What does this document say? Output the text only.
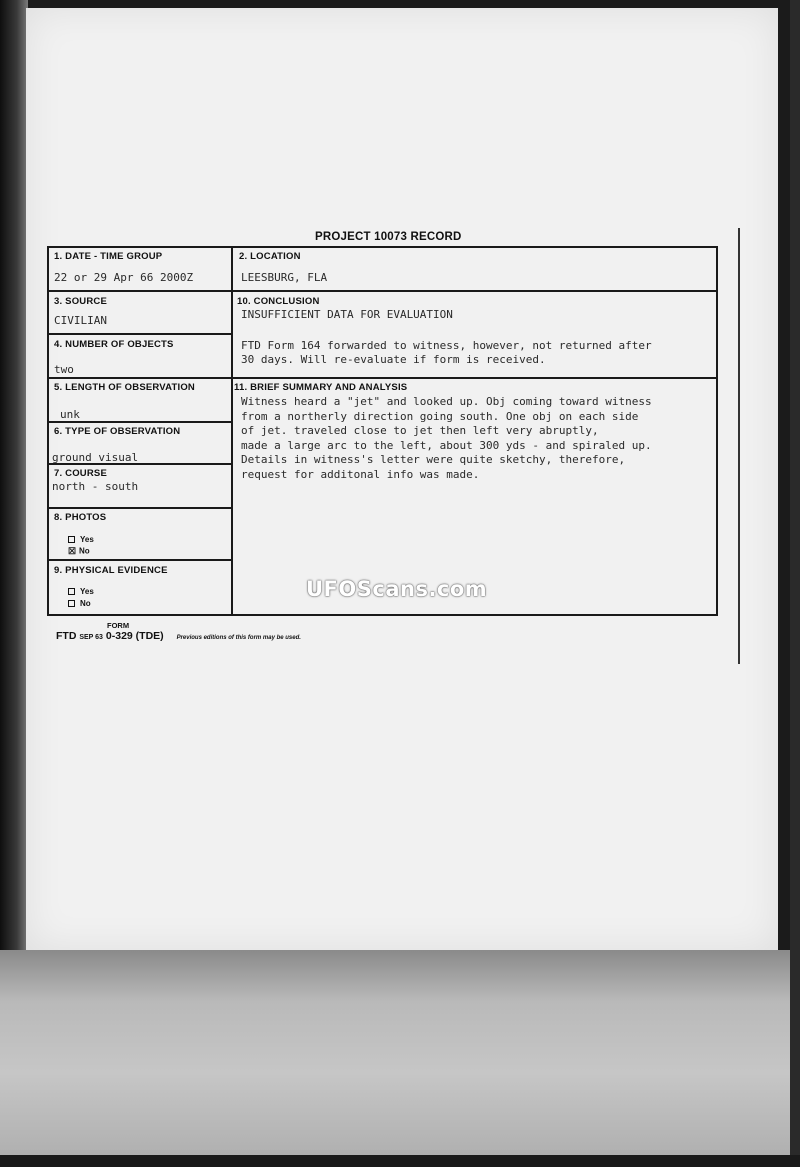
PROJECT 10073 RECORD
1. DATE - TIME GROUP
22 or 29 Apr 66 2000Z
2. LOCATION
LEESBURG, FLA
3. SOURCE
CIVILIAN
10. CONCLUSION
INSUFFICIENT DATA FOR EVALUATION
FTD Form 164 forwarded to witness, however, not returned after
30 days. Will re-evaluate if form is received.
4. NUMBER OF OBJECTS
two
5. LENGTH OF OBSERVATION
unk
11. BRIEF SUMMARY AND ANALYSIS
Witness heard a "jet" and looked up. Obj coming toward witness
from a northerly direction going south. One obj on each side
of jet. traveled close to jet then left very abruptly,
made a large arc to the left, about 300 yds - and spiraled up.
Details in witness's letter were quite sketchy, therefore,
request for additonal info was made.
6. TYPE OF OBSERVATION
ground visual
7. COURSE
north - south
8. PHOTOS
Yes
☒ No
9. PHYSICAL EVIDENCE
Yes
No
UFOScans.com
FORM
FTD SEP 63 0-329 (TDE) Previous editions of this form may be used.
